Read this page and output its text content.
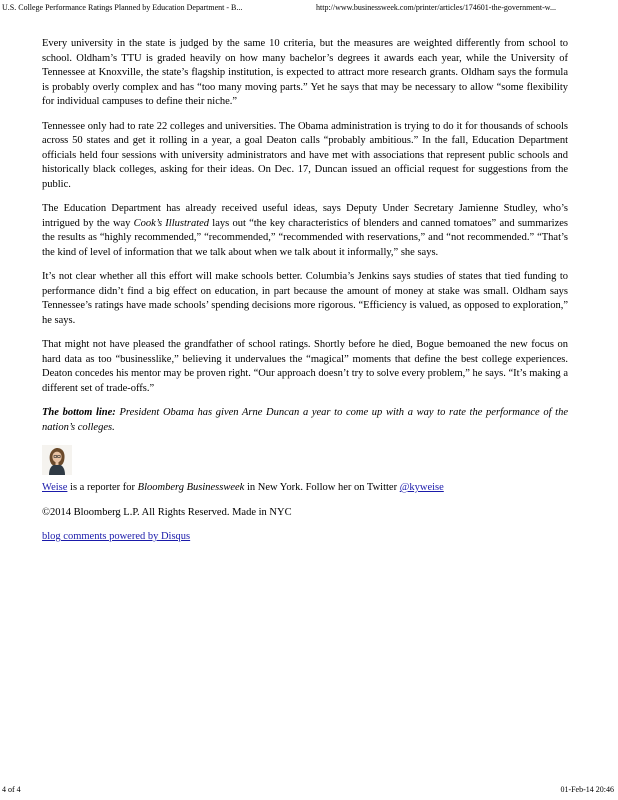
U.S. College Performance Ratings Planned by Education Department - B...	http://www.businessweek.com/printer/articles/174601-the-government-w...

Every university in the state is judged by the same 10 criteria, but the measures are weighted differently from school to school. Oldham’s TTU is graded heavily on how many bachelor’s degrees it awards each year, while the University of Tennessee at Knoxville, the state’s flagship institution, is expected to attract more research grants. Oldham says the formula is probably overly complex and has “too many moving parts.” Yet he says that may be necessary to allow “some flexibility for individual campuses to define their niche.”

Tennessee only had to rate 22 colleges and universities. The Obama administration is trying to do it for thousands of schools across 50 states and get it rolling in a year, a goal Deaton calls “probably ambitious.” In the fall, Education Department officials held four sessions with university administrators and have met with associations that represent public schools and historically black colleges, asking for their ideas. On Dec. 17, Duncan issued an official request for suggestions from the public.

The Education Department has already received useful ideas, says Deputy Under Secretary Jamienne Studley, who’s intrigued by the way Cook’s Illustrated lays out “the key characteristics of blenders and canned tomatoes” and summarizes the results as “highly recommended,” “recommended,” “recommended with reservations,” and “not recommended.” “That’s the kind of level of information that we talk about when we talk about it informally,” she says.

It’s not clear whether all this effort will make schools better. Columbia’s Jenkins says studies of states that tied funding to performance didn’t find a big effect on education, in part because the amount of money at stake was small. Oldham says Tennessee’s ratings have made schools’ spending decisions more rigorous. “Efficiency is valued, as opposed to exploration,” he says.

That might not have pleased the grandfather of school ratings. Shortly before he died, Bogue bemoaned the new focus on hard data as too “businesslike,” believing it undervalues the “magical” moments that define the best college experiences. Deaton concedes his mentor may be proven right. “Our approach doesn’t try to solve every problem,” he says. “It’s making a different set of trade-offs.”

The bottom line: President Obama has given Arne Duncan a year to come up with a way to rate the performance of the nation’s colleges.

Weise is a reporter for Bloomberg Businessweek in New York. Follow her on Twitter @kyweise

©2014 Bloomberg L.P. All Rights Reserved. Made in NYC

blog comments powered by Disqus

4 of 4	01-Feb-14 20:46
